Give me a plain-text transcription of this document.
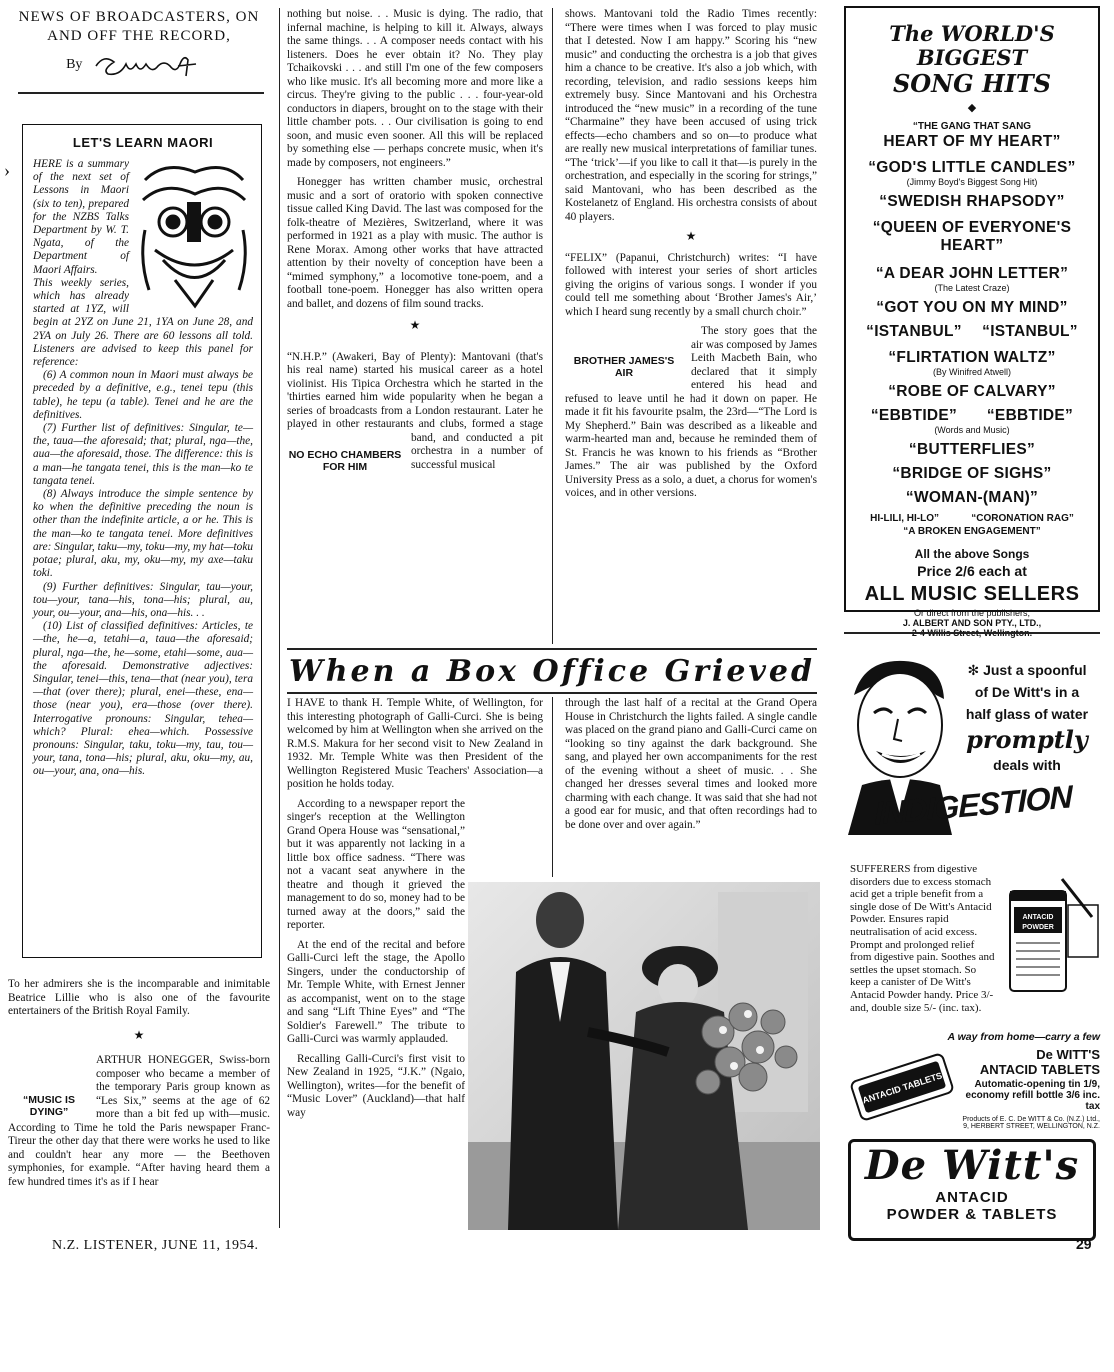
NEWS OF BROADCASTERS, ON AND OFF THE RECORD,
By
LET'S LEARN MAORI

HERE is a summary of the next set of Lessons in Maori (six to ten), prepared for the NZBS Talks Department by W. T. Ngata, of the Department of Maori Affairs.

This weekly series, which has already started at 1YZ, will begin at 2YZ on June 21, 1YA on June 28, and 2YA on July 26. There are 60 lessons all told. Listeners are advised to keep this panel for reference:

(6) A common noun in Maori must always be preceded by a definitive, e.g., tenei tepu (this table), he tepu (a table). Tenei and he are the definitives.

(7) Further list of definitives: Singular, te—the, taua—the aforesaid; that; plural, nga—the, aua—the aforesaid, those. The difference: this is a man—he tangata tenei, this is the man—ko te tangata tenei.

(8) Always introduce the simple sentence by ko when the definitive preceding the noun is other than the indefinite article, a or he. This is the man—ko te tangata tenei. More definitives are: Singular, taku—my, toku—my, my hat—toku potae; plural, aku, my, oku—my, my axe—taku toki.

(9) Further definitives: Singular, tau—your, tou—your, tana—his, tona—his; plural, au, your, ou—your, ana—his, ona—his. . .

(10) List of classified definitives: Articles, te—the, he—a, tetahi—a, taua—the aforesaid; plural, nga—the, he—some, etahi—some, aua—the aforesaid. Demonstrative adjectives: Singular, tenei—this, tena—that (near you), tera—that (over there); plural, enei—these, ena—those (near you), era—those (over there). Interrogative pronouns: Singular, tehea—which? Plural: ehea—which. Possessive pronouns: Singular, taku, toku—my, tau, tou—your, tana, tona—his; plural, aku, oku—my, au, ou—your, ana, ona—his.

›

To her admirers she is the incomparable and inimitable Beatrice Lillie who is also one of the favourite entertainers of the British Royal Family.

★
“MUSIC IS DYING”

ARTHUR HONEGGER, Swiss-born composer who became a member of the temporary Paris group known as “Les Six,” seems at the age of 62 more than a bit fed up with—music. According to Time he told the Paris newspaper Franc-Tireur the other day that there were works he used to like and couldn't hear any more — the Beethoven symphonies, for example. “After having heard them a few hundred times it's as if I hear

N.Z. LISTENER, JUNE 11, 1954.

nothing but noise. . . Music is dying. The radio, that infernal machine, is helping to kill it. Always, always the same things. . . A composer needs contact with his listeners. Does he ever obtain it? No. They play Tchaikovski . . . and still I'm one of the few composers who like music. It's all becoming more and more like a circus. They're giving to the public . . . four-year-old conductors in diapers, brought on to the stage with their little chamber pots. . . Our civilisation is going to end soon, and music even sooner. All this will be replaced by something else — perhaps concrete music, when it's made by composers, not engineers.”

Honegger has written chamber music, orchestral music and a sort of oratorio with spoken connective tissue called King David. The last was composed for the folk-theatre of Mezières, Switzerland, where it was performed in 1921 as a play with music. The author is Rene Morax. Among other works that have attracted attention by their novelty of conception have been a “mimed symphony,” a locomotive tone-poem, and a football tone-poem. Honegger has also written opera and ballet, and dozens of film sound tracks.

★
NO ECHO CHAMBERS FOR HIM

“N.H.P.” (Awakeri, Bay of Plenty): Mantovani (that's his real name) started his musical career as a hotel violinist. His Tipica Orchestra which he started in the 'thirties earned him wide popularity when he began a series of broadcasts from a London restaurant. Later he played in other restaurants and clubs, formed a stage band, and conducted a pit orchestra in a number of successful musical

shows. Mantovani told the Radio Times recently: “There were times when I was forced to play music that I detested. Now I am happy.” Scoring his “new music” and conducting the orchestra is a job that gives him a chance to be creative. It's also a job which, with recording, television, and radio sessions keeps him extremely busy. Since Mantovani and his Orchestra introduced the “new music” in a recording of the tune “Charmaine” they have been accused of using trick effects—echo chambers and so on—to produce what are really new musical interpretations of familiar tunes. “The ‘trick’—if you like to call it that—is purely in the orchestration, and especially in the scoring for strings,” said Mantovani, who has been described as the Kostelanetz of England. His orchestra consists of about 40 players.

★

“FELIX” (Papanui, Christchurch) writes: “I have followed with interest your series of short articles giving the origins of various songs. I wonder if you could tell me something about ‘Brother James's Air,’ which I heard sung recently by a small church choir.”

BROTHER JAMES'S AIR

The story goes that the air was composed by James Leith Macbeth Bain, who declared that it simply entered his head and refused to leave until he had it down on paper. He made it fit his favourite psalm, the 23rd—“The Lord is My Shepherd.” Bain was described as a likeable and warm-hearted man and, because he reminded them of St. Francis he was known to his friends as “Brother James.” The air was published by the Oxford University Press as a solo, a duet, a chorus for women's voices, and in other versions.

When a Box Office Grieved

I HAVE to thank H. Temple White, of Wellington, for this interesting photograph of Galli-Curci. She is being welcomed by him at Wellington when she arrived on the R.M.S. Makura for her second visit to New Zealand in 1932. Mr. Temple White was then President of the Wellington Registered Music Teachers' Association—a position he holds today.

According to a newspaper report the singer's reception at the Wellington Grand Opera House was “sensational,” but it was apparently not lacking in a little box office sadness. “There was not a vacant seat anywhere in the theatre and though it grieved the management to do so, money had to be turned away at the doors,” said the reporter.

At the end of the recital and before Galli-Curci left the stage, the Apollo Singers, under the conductorship of Mr. Temple White, with Ernest Jenner as accompanist, went on to the stage and sang “Lift Thine Eyes” and “The Soldier's Farewell.” The tribute to Galli-Curci was warmly applauded.

Recalling Galli-Curci's first visit to New Zealand in 1925, “J.K.” (Ngaio, Wellington), writes—for the benefit of “Music Lover” (Auckland)—that half way

through the last half of a recital at the Grand Opera House in Christchurch the lights failed. A single candle was placed on the grand piano and Galli-Curci came on “looking so tiny against the dark background. She sang, and played her own accompaniments for the rest of the evening without a sheet of music. . . She changed her dresses several times and looked more charming with each change. It was said that she had not a good ear for music, and that often recordings had to be done over and over again.”

The WORLD'S BIGGEST
SONG HITS
◆
“THE GANG THAT SANG
HEART OF MY HEART”
“GOD'S LITTLE CANDLES”
(Jimmy Boyd's Biggest Song Hit)
“SWEDISH RHAPSODY”
“QUEEN OF EVERYONE'S
HEART”
“A DEAR JOHN LETTER”
(The Latest Craze)
“GOT YOU ON MY MIND”
“ISTANBUL” “ISTANBUL”
“FLIRTATION WALTZ”
(By Winifred Atwell)
“ROBE OF CALVARY”
“EBBTIDE” “EBBTIDE”
(Words and Music)
“BUTTERFLIES”
“BRIDGE OF SIGHS”
“WOMAN-(MAN)”
HI-LILI, HI-LO”	“CORONATION RAG”
“A BROKEN ENGAGEMENT”
All the above Songs
Price 2/6 each at
ALL MUSIC SELLERS
Or direct from the publishers,
J. ALBERT AND SON PTY., LTD.,
✻ Just a spoonful
of De Witt's in a
half glass of water
promptly
deals with
INDIGESTION
SUFFERERS from digestive disorders due to excess stomach acid get a triple benefit from a single dose of De Witt's Antacid Powder. Ensures rapid neutralisation of acid excess. Prompt and prolonged relief from digestive pain. Soothes and settles the upset stomach. So keep a canister of De Witt's Antacid Powder handy. Price 3/- and, double size 5/- (inc. tax).
ANTACID
POWDER
A way from home—carry a few
ANTACID TABLETS
De WITT'S
ANTACID TABLETS
Automatic-opening tin 1/9,
economy refill bottle 3/6 inc. tax
Products of E. C. De WITT & Co. (N.Z.) Ltd.,
9, HERBERT STREET, WELLINGTON, N.Z.
De Witt's
ANTACID
POWDER & TABLETS
29
